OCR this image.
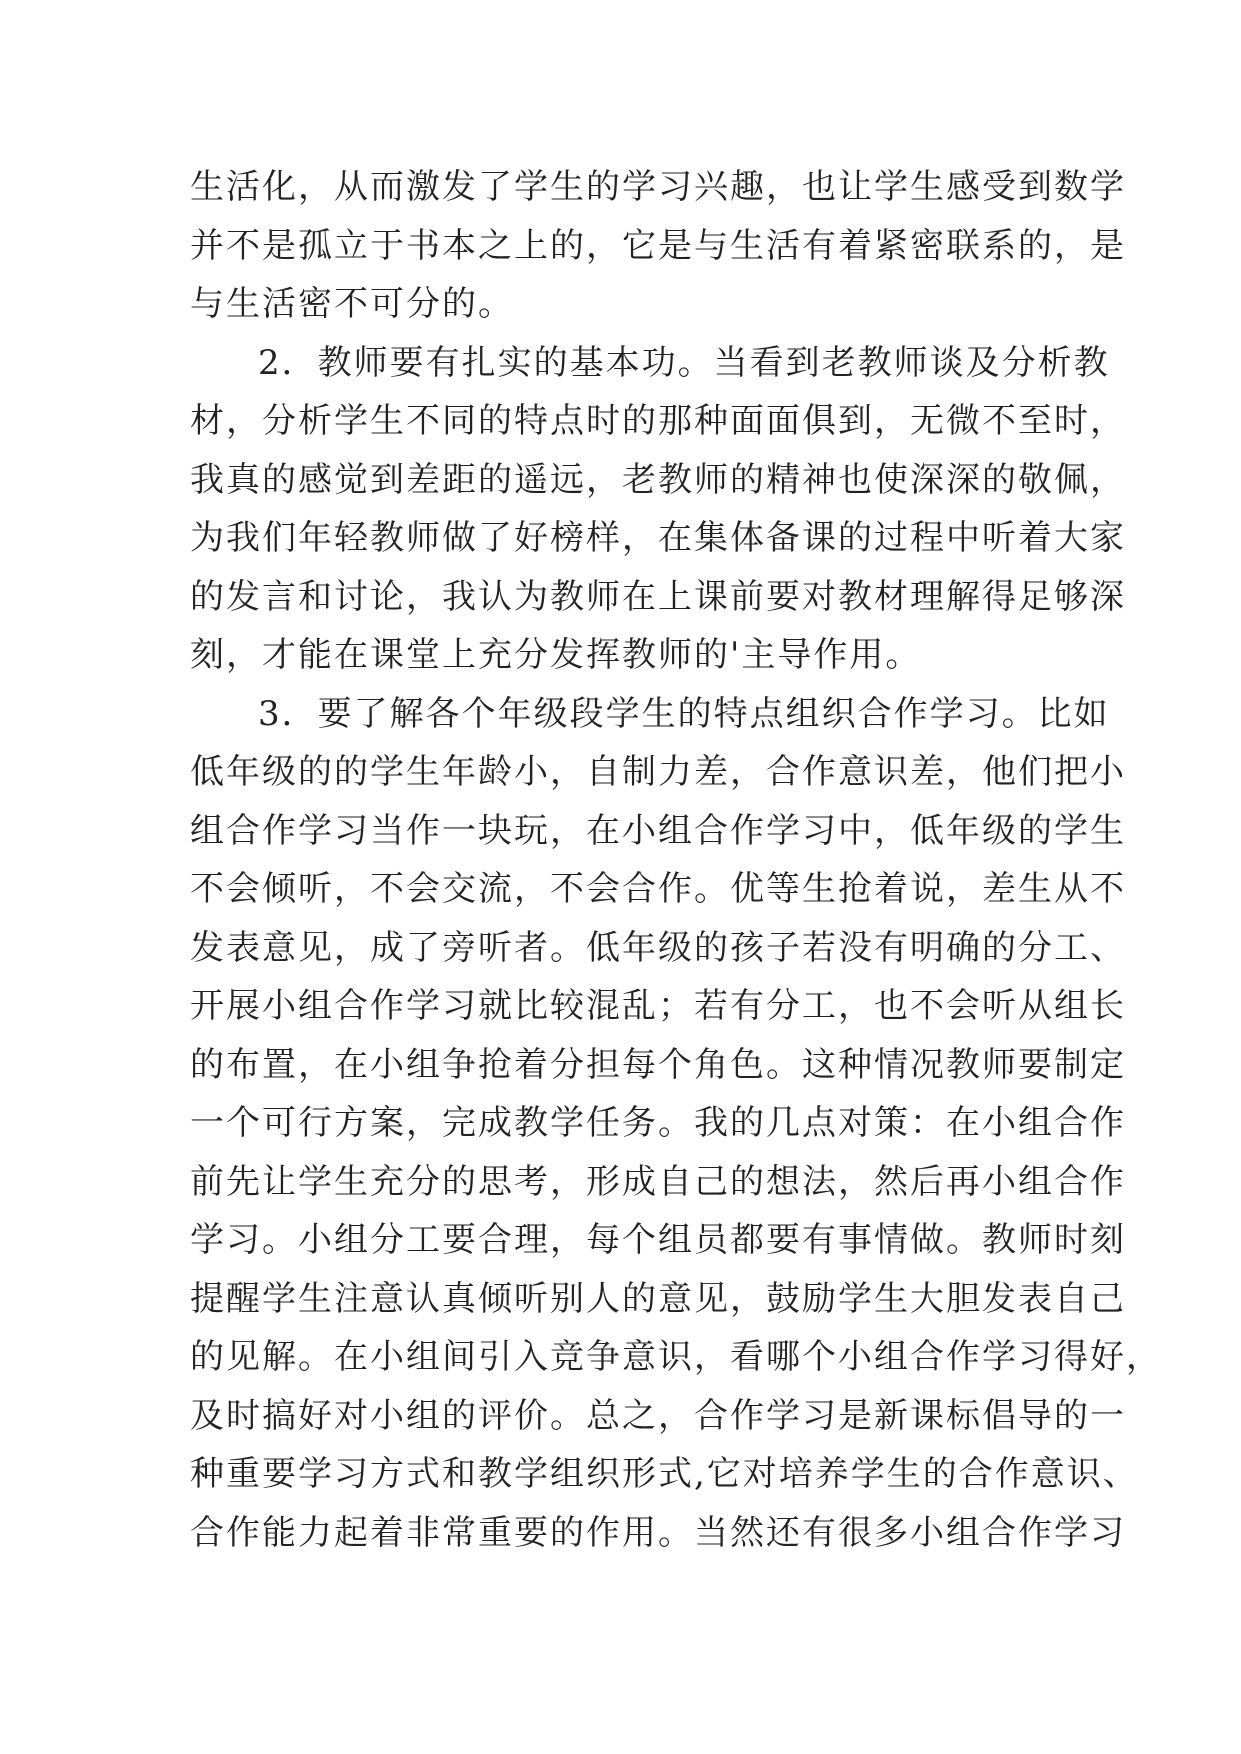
生活化，从而激发了学生的学习兴趣，也让学生感受到数学
并不是孤立于书本之上的，它是与生活有着紧密联系的，是
与生活密不可分的。
2．教师要有扎实的基本功。当看到老教师谈及分析教
材，分析学生不同的特点时的那种面面俱到，无微不至时，
我真的感觉到差距的遥远，老教师的精神也使深深的敬佩，
为我们年轻教师做了好榜样，在集体备课的过程中听着大家
的发言和讨论，我认为教师在上课前要对教材理解得足够深
刻，才能在课堂上充分发挥教师的'主导作用。
3．要了解各个年级段学生的特点组织合作学习。比如
低年级的的学生年龄小，自制力差，合作意识差，他们把小
组合作学习当作一块玩，在小组合作学习中，低年级的学生
不会倾听，不会交流，不会合作。优等生抢着说，差生从不
发表意见，成了旁听者。低年级的孩子若没有明确的分工、
开展小组合作学习就比较混乱；若有分工，也不会听从组长
的布置，在小组争抢着分担每个角色。这种情况教师要制定
一个可行方案，完成教学任务。我的几点对策：在小组合作
前先让学生充分的思考，形成自己的想法，然后再小组合作
学习。小组分工要合理，每个组员都要有事情做。教师时刻
提醒学生注意认真倾听别人的意见，鼓励学生大胆发表自己
的见解。在小组间引入竞争意识，看哪个小组合作学习得好，
及时搞好对小组的评价。总之，合作学习是新课标倡导的一
种重要学习方式和教学组织形式,它对培养学生的合作意识、
合作能力起着非常重要的作用。当然还有很多小组合作学习
